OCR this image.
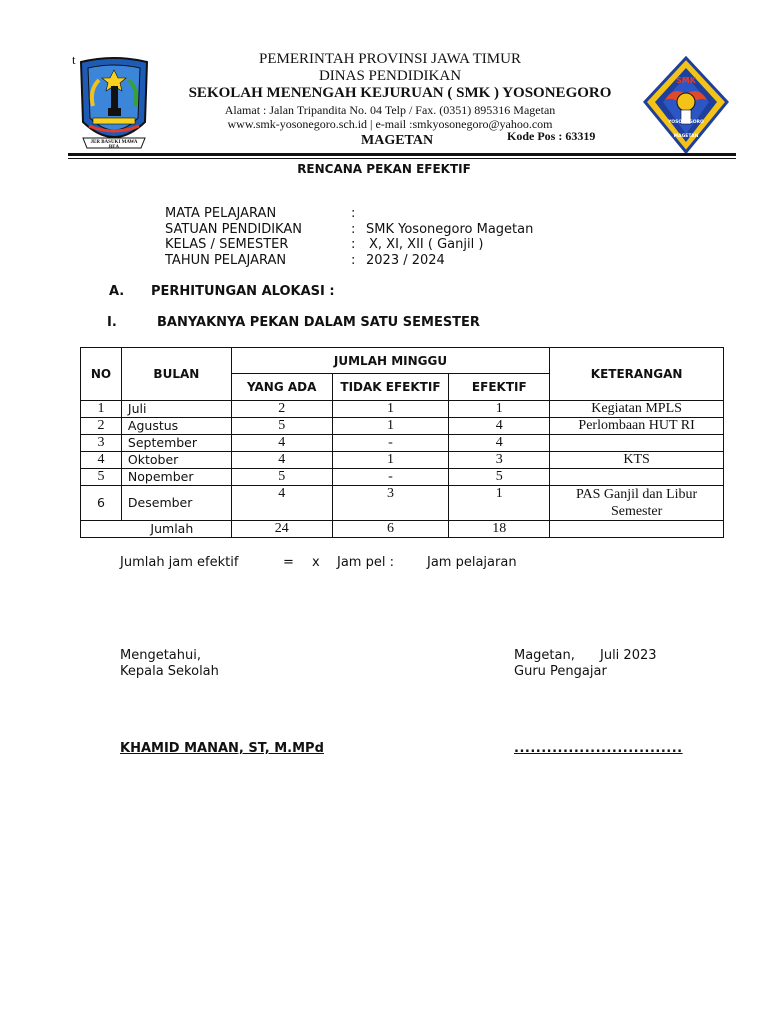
t
JER BASUKI MAWA BEA
SMK
YOSONEGORO
MAGETAN
PEMERINTAH PROVINSI JAWA TIMUR
DINAS PENDIDIKAN
SEKOLAH MENENGAH KEJURUAN ( SMK ) YOSONEGORO
Alamat : Jalan Tripandita No. 04 Telp / Fax. (0351) 895316 Magetan
www.smk-yosonegoro.sch.id | e-mail :smkyosonegoro@yahoo.com
MAGETAN	Kode Pos : 63319
RENCANA PEKAN EFEKTIF
MATA PELAJARAN	:
SATUAN PENDIDIKAN	: SMK Yosonegoro Magetan
KELAS / SEMESTER	: X, XI, XII ( Ganjil )
TAHUN PELAJARAN	: 2023 / 2024
A. PERHITUNGAN ALOKASI :
I.	BANYAKNYA PEKAN DALAM SATU SEMESTER
NO	BULAN	JUMLAH MINGGU			KETERANGAN
		YANG ADA	TIDAK EFEKTIF	EFEKTIF	
1	Juli	2	1	1	Kegiatan MPLS
2	Agustus	5	1	4	Perlombaan HUT RI
3	September	4	-	4	
4	Oktober	4	1	3	KTS
5	Nopember	5	-	5	
6	Desember	4	3	1	PAS Ganjil dan Libur Semester
	Jumlah	24	6	18	
Jumlah jam efektif	= x Jam pel :	Jam pelajaran
Mengetahui,
Kepala Sekolah
Magetan, Juli 2023
Guru Pengajar
KHAMID MANAN, ST, M.MPd	...............................
